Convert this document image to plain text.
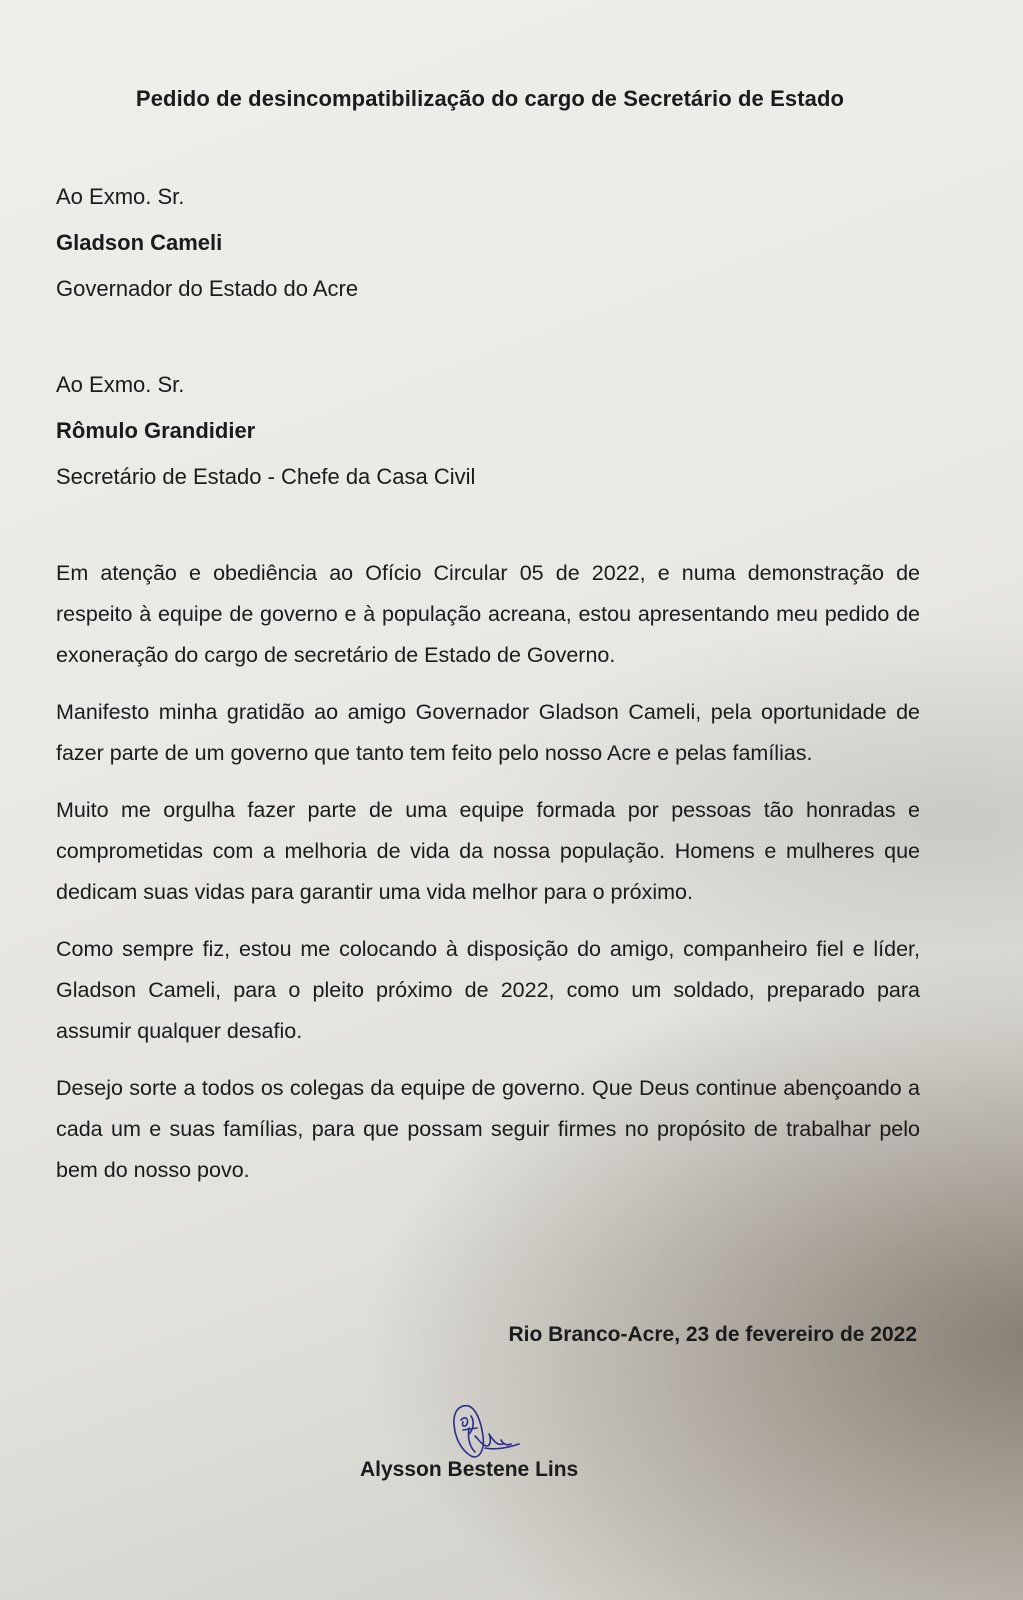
Pedido de desincompatibilização do cargo de Secretário de Estado
Ao Exmo. Sr.
Gladson Cameli
Governador do Estado do Acre
Ao Exmo. Sr.
Rômulo Grandidier
Secretário de Estado - Chefe da Casa Civil

Em atenção e obediência ao Ofício Circular 05 de 2022, e numa demonstração de respeito à equipe de governo e à população acreana, estou apresentando meu pedido de exoneração do cargo de secretário de Estado de Governo.

Manifesto minha gratidão ao amigo Governador Gladson Cameli, pela oportunidade de fazer parte de um governo que tanto tem feito pelo nosso Acre e pelas famílias.

Muito me orgulha fazer parte de uma equipe formada por pessoas tão honradas e comprometidas com a melhoria de vida da nossa população. Homens e mulheres que dedicam suas vidas para garantir uma vida melhor para o próximo.

Como sempre fiz, estou me colocando à disposição do amigo, companheiro fiel e líder, Gladson Cameli, para o pleito próximo de 2022, como um soldado, preparado para assumir qualquer desafio.

Desejo sorte a todos os colegas da equipe de governo. Que Deus continue abençoando a cada um e suas famílias, para que possam seguir firmes no propósito de trabalhar pelo bem do nosso povo.

Rio Branco-Acre, 23 de fevereiro de 2022
Alysson Bestene Lins
